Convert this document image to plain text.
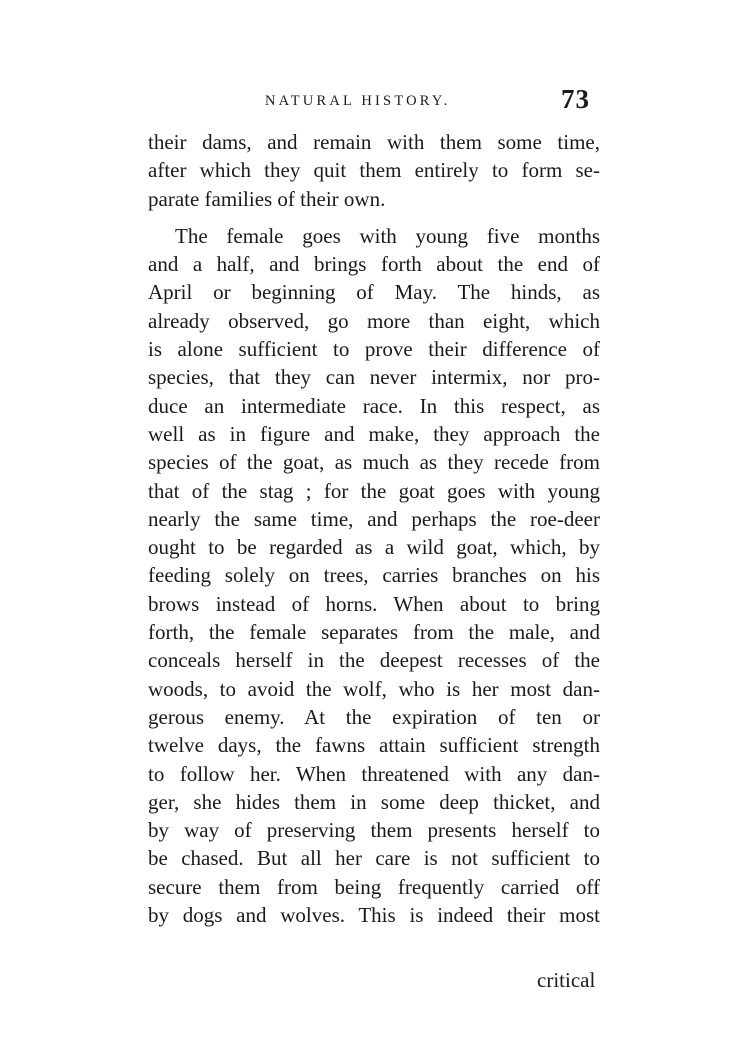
NATURAL HISTORY.	73
their dams, and remain with them some time,
after which they quit them entirely to form se-
parate families of their own.
The female goes with young five months
and a half, and brings forth about the end of
April or beginning of May. The hinds, as
already observed, go more than eight, which
is alone sufficient to prove their difference of
species, that they can never intermix, nor pro-
duce an intermediate race. In this respect, as
well as in figure and make, they approach the
species of the goat, as much as they recede from
that of the stag ; for the goat goes with young
nearly the same time, and perhaps the roe-deer
ought to be regarded as a wild goat, which, by
feeding solely on trees, carries branches on his
brows instead of horns. When about to bring
forth, the female separates from the male, and
conceals herself in the deepest recesses of the
woods, to avoid the wolf, who is her most dan-
gerous enemy. At the expiration of ten or
twelve days, the fawns attain sufficient strength
to follow her. When threatened with any dan-
ger, she hides them in some deep thicket, and
by way of preserving them presents herself to
be chased. But all her care is not sufficient to
secure them from being frequently carried off
by dogs and wolves. This is indeed their most
critical
